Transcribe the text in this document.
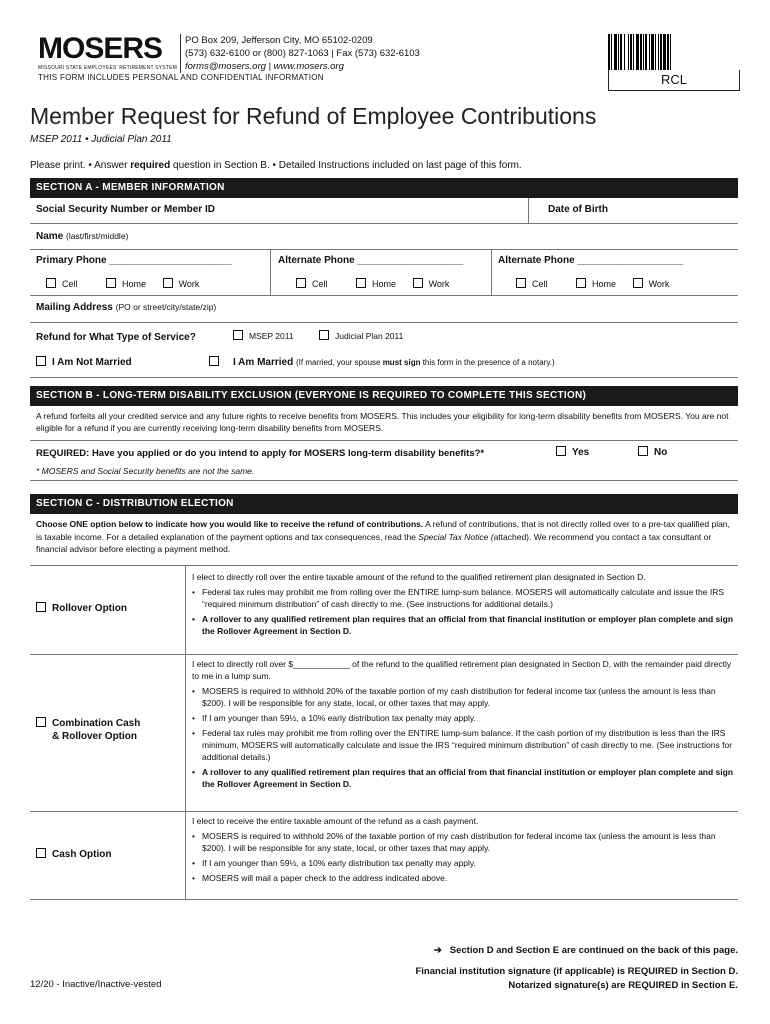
MOSERS
MISSOURI STATE EMPLOYEES' RETIREMENT SYSTEM
PO Box 209, Jefferson City, MO 65102-0209
(573) 632-6100 or (800) 827-1063 | Fax (573) 632-6103
forms@mosers.org | www.mosers.org
THIS FORM INCLUDES PERSONAL AND CONFIDENTIAL INFORMATION	RCL
Member Request for Refund of Employee Contributions
MSEP 2011 • Judicial Plan 2011
Please print. • Answer required question in Section B. • Detailed Instructions included on last page of this form.
SECTION A - MEMBER INFORMATION
Social Security Number or Member ID	Date of Birth
Name (last/first/middle)
Primary Phone ______________________	Alternate Phone ___________________	Alternate Phone ___________________
Cell	Home	Work	Cell	Home	Work	Cell	Home	Work
Mailing Address (PO or street/city/state/zip)
Refund for What Type of Service?	MSEP 2011	Judicial Plan 2011
I Am Not Married	I Am Married (If married, your spouse must sign this form in the presence of a notary.)
SECTION B - LONG-TERM DISABILITY EXCLUSION (EVERYONE IS REQUIRED TO COMPLETE THIS SECTION)
A refund forfeits all your credited service and any future rights to receive benefits from MOSERS. This includes your eligibility for long-term disability benefits from MOSERS. You are not eligible for a refund if you are currently receiving long-term disability benefits from MOSERS.
REQUIRED: Have you applied or do you intend to apply for MOSERS long-term disability benefits?*	Yes	No
* MOSERS and Social Security benefits are not the same.
SECTION C - DISTRIBUTION ELECTION
Choose ONE option below to indicate how you would like to receive the refund of contributions. A refund of contributions, that is not directly rolled over to a pre-tax qualified plan, is taxable income. For a detailed explanation of the payment options and tax consequences, read the Special Tax Notice (attached). We recommend you contact a tax consultant or financial advisor before electing a payment method.
Rollover Option
I elect to directly roll over the entire taxable amount of the refund to the qualified retirement plan designated in Section D.
• Federal tax rules may prohibit me from rolling over the ENTIRE lump-sum balance. MOSERS will automatically calculate and issue the IRS “required minimum distribution” of cash directly to me. (See instructions for additional details.)
• A rollover to any qualified retirement plan requires that an official from that financial institution or employer plan complete and sign the Rollover Agreement in Section D.
Combination Cash
& Rollover Option
I elect to directly roll over $____________ of the refund to the qualified retirement plan designated in Section D, with the remainder paid directly to me in a lump sum.
• MOSERS is required to withhold 20% of the taxable portion of my cash distribution for federal income tax (unless the amount is less than $200). I will be responsible for any state, local, or other taxes that may apply.
• If I am younger than 59½, a 10% early distribution tax penalty may apply.
• Federal tax rules may prohibit me from rolling over the ENTIRE lump-sum balance. If the cash portion of my distribution is less than the IRS minimum, MOSERS will automatically calculate and issue the IRS “required minimum distribution” of cash directly to me. (See instructions for additional details.)
• A rollover to any qualified retirement plan requires that an official from that financial institution or employer plan complete and sign the Rollover Agreement in Section D.
Cash Option
I elect to receive the entire taxable amount of the refund as a cash payment.
• MOSERS is required to withhold 20% of the taxable portion of my cash distribution for federal income tax (unless the amount is less than $200). I will be responsible for any state, local, or other taxes that may apply.
• If I am younger than 59½, a 10% early distribution tax penalty may apply.
• MOSERS will mail a paper check to the address indicated above.
➔ Section D and Section E are continued on the back of this page.
Financial institution signature (if applicable) is REQUIRED in Section D.
Notarized signature(s) are REQUIRED in Section E.
12/20 - Inactive/Inactive-vested
